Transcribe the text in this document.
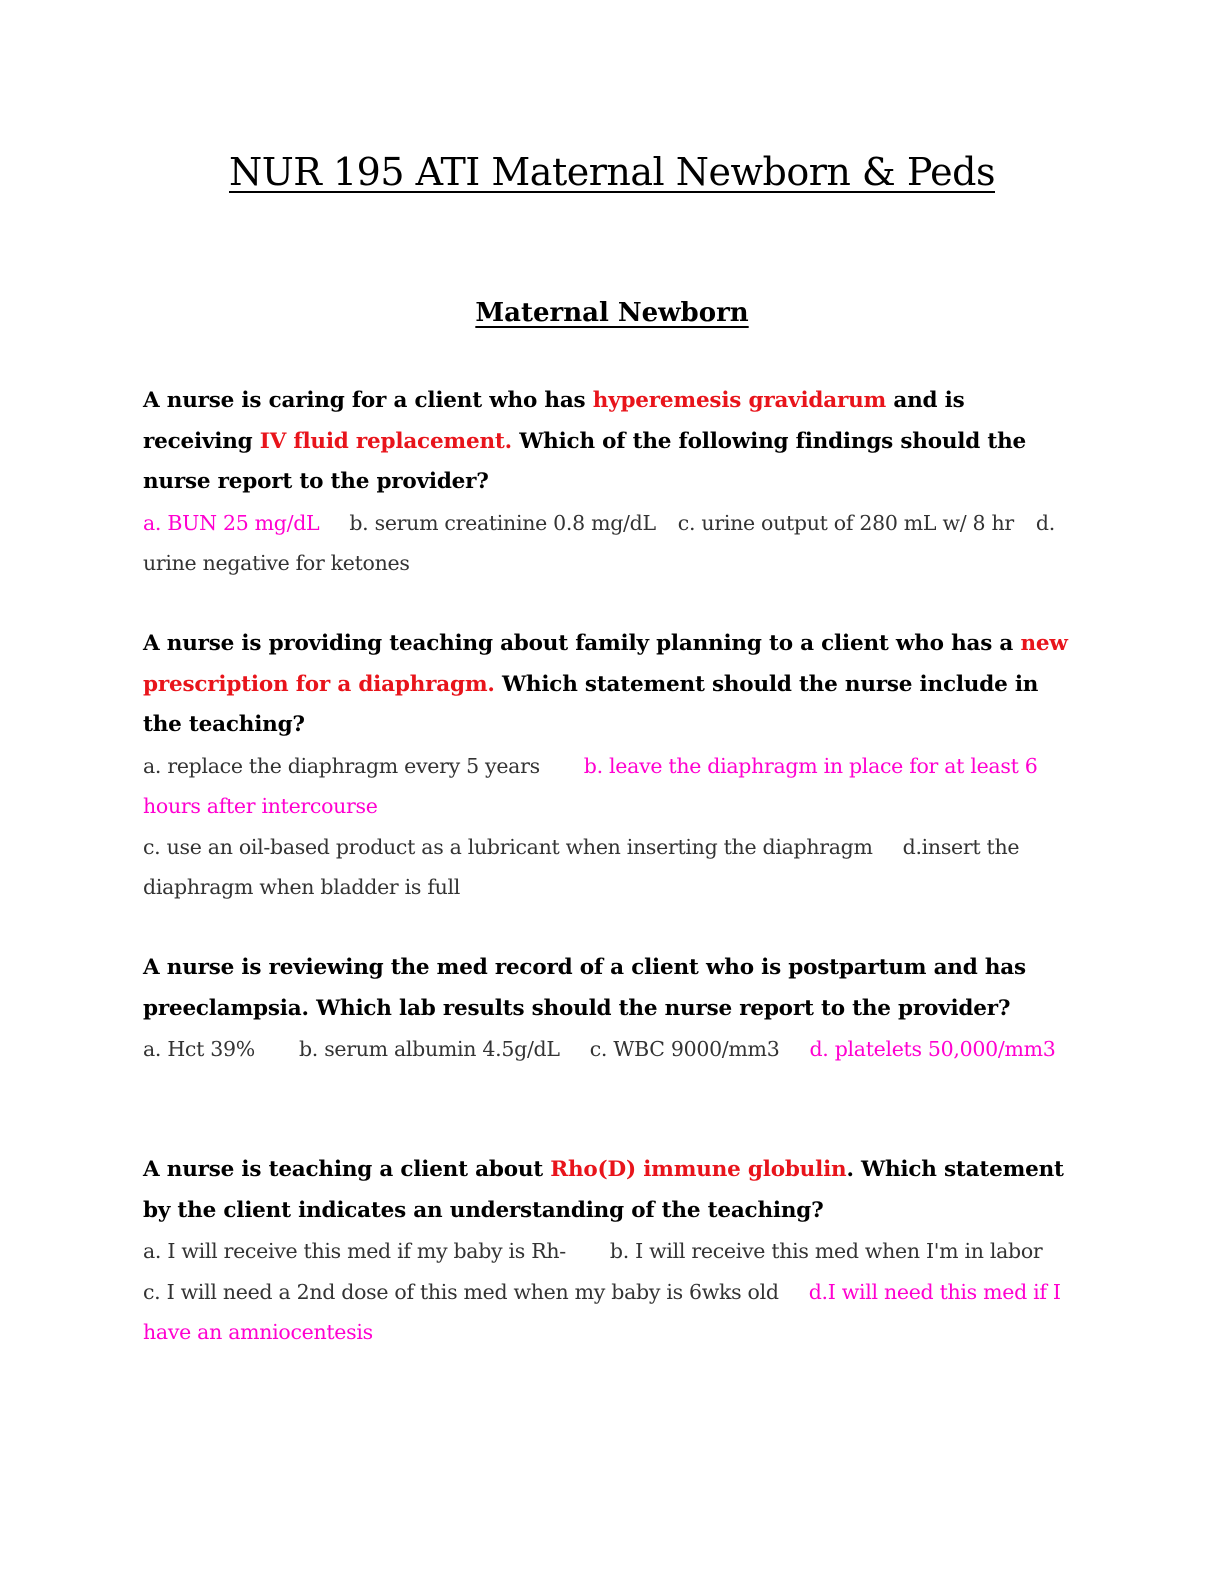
NUR 195 ATI Maternal Newborn & Peds
Maternal Newborn

A nurse is caring for a client who has hyperemesis gravidarum and is receiving IV fluid replacement. Which of the following findings should the nurse report to the provider?

a. BUN 25 mg/dL b. serum creatinine 0.8 mg/dL c. urine output of 280 mL w/ 8 hr d. urine negative for ketones

A nurse is providing teaching about family planning to a client who has a new prescription for a diaphragm. Which statement should the nurse include in the teaching?

a. replace the diaphragm every 5 years b. leave the diaphragm in place for at least 6 hours after intercourse

c. use an oil-based product as a lubricant when inserting the diaphragm d.insert the diaphragm when bladder is full

A nurse is reviewing the med record of a client who is postpartum and has preeclampsia. Which lab results should the nurse report to the provider?

a. Hct 39% b. serum albumin 4.5g/dL c. WBC 9000/mm3 d. platelets 50,000/mm3

A nurse is teaching a client about Rho(D) immune globulin. Which statement by the client indicates an understanding of the teaching?

a. I will receive this med if my baby is Rh- b. I will receive this med when I'm in labor

c. I will need a 2nd dose of this med when my baby is 6wks old d.I will need this med if I have an amniocentesis
